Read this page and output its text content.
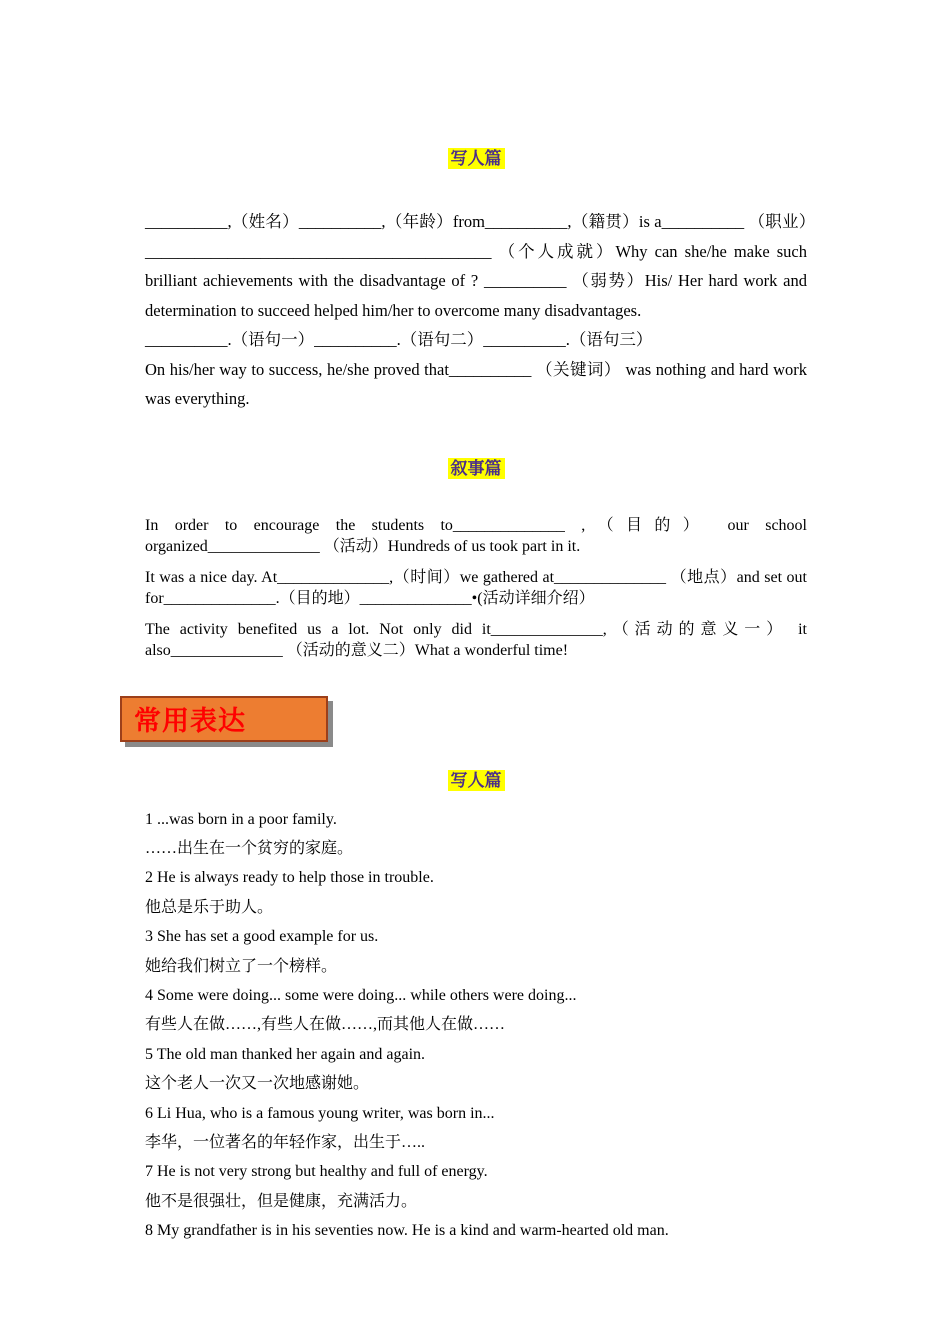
写人篇

__________,（姓名）__________,（年龄）from__________,（籍贯）is a__________ （职业）__________________________________________ （个人成就）Why can she/he make such brilliant achievements with the disadvantage of ? __________ （弱势）His/ Her hard work and determination to succeed helped him/her to overcome many disadvantages.

__________.（语句一）__________.（语句二）__________.（语句三）

On his/her way to success, he/she proved that__________ （关键词） was nothing and hard work was everything.

叙事篇

In order to encourage the students to______________ ,（目的） our school organized______________ （活动）Hundreds of us took part in it.

It was a nice day. At______________,（时间）we gathered at______________ （地点）and set out for______________.（目的地）______________•(活动详细介绍）

The activity benefited us a lot. Not only did it______________,（活动的意义一） it also______________ （活动的意义二）What a wonderful time!

常用表达
写人篇
1 ...was born in a poor family.
……出生在一个贫穷的家庭。
2 He is always ready to help those in trouble.
他总是乐于助人。
3 She has set a good example for us.
她给我们树立了一个榜样。
4 Some were doing... some were doing... while others were doing...
有些人在做……,有些人在做……,而其他人在做……
5 The old man thanked her again and again.
这个老人一次又一次地感谢她。
6 Li Hua, who is a famous young writer, was born in...
李华，一位著名的年轻作家，出生于…..
7 He is not very strong but healthy and full of energy.
他不是很强壮，但是健康，充满活力。
8 My grandfather is in his seventies now. He is a kind and warm-hearted old man.
